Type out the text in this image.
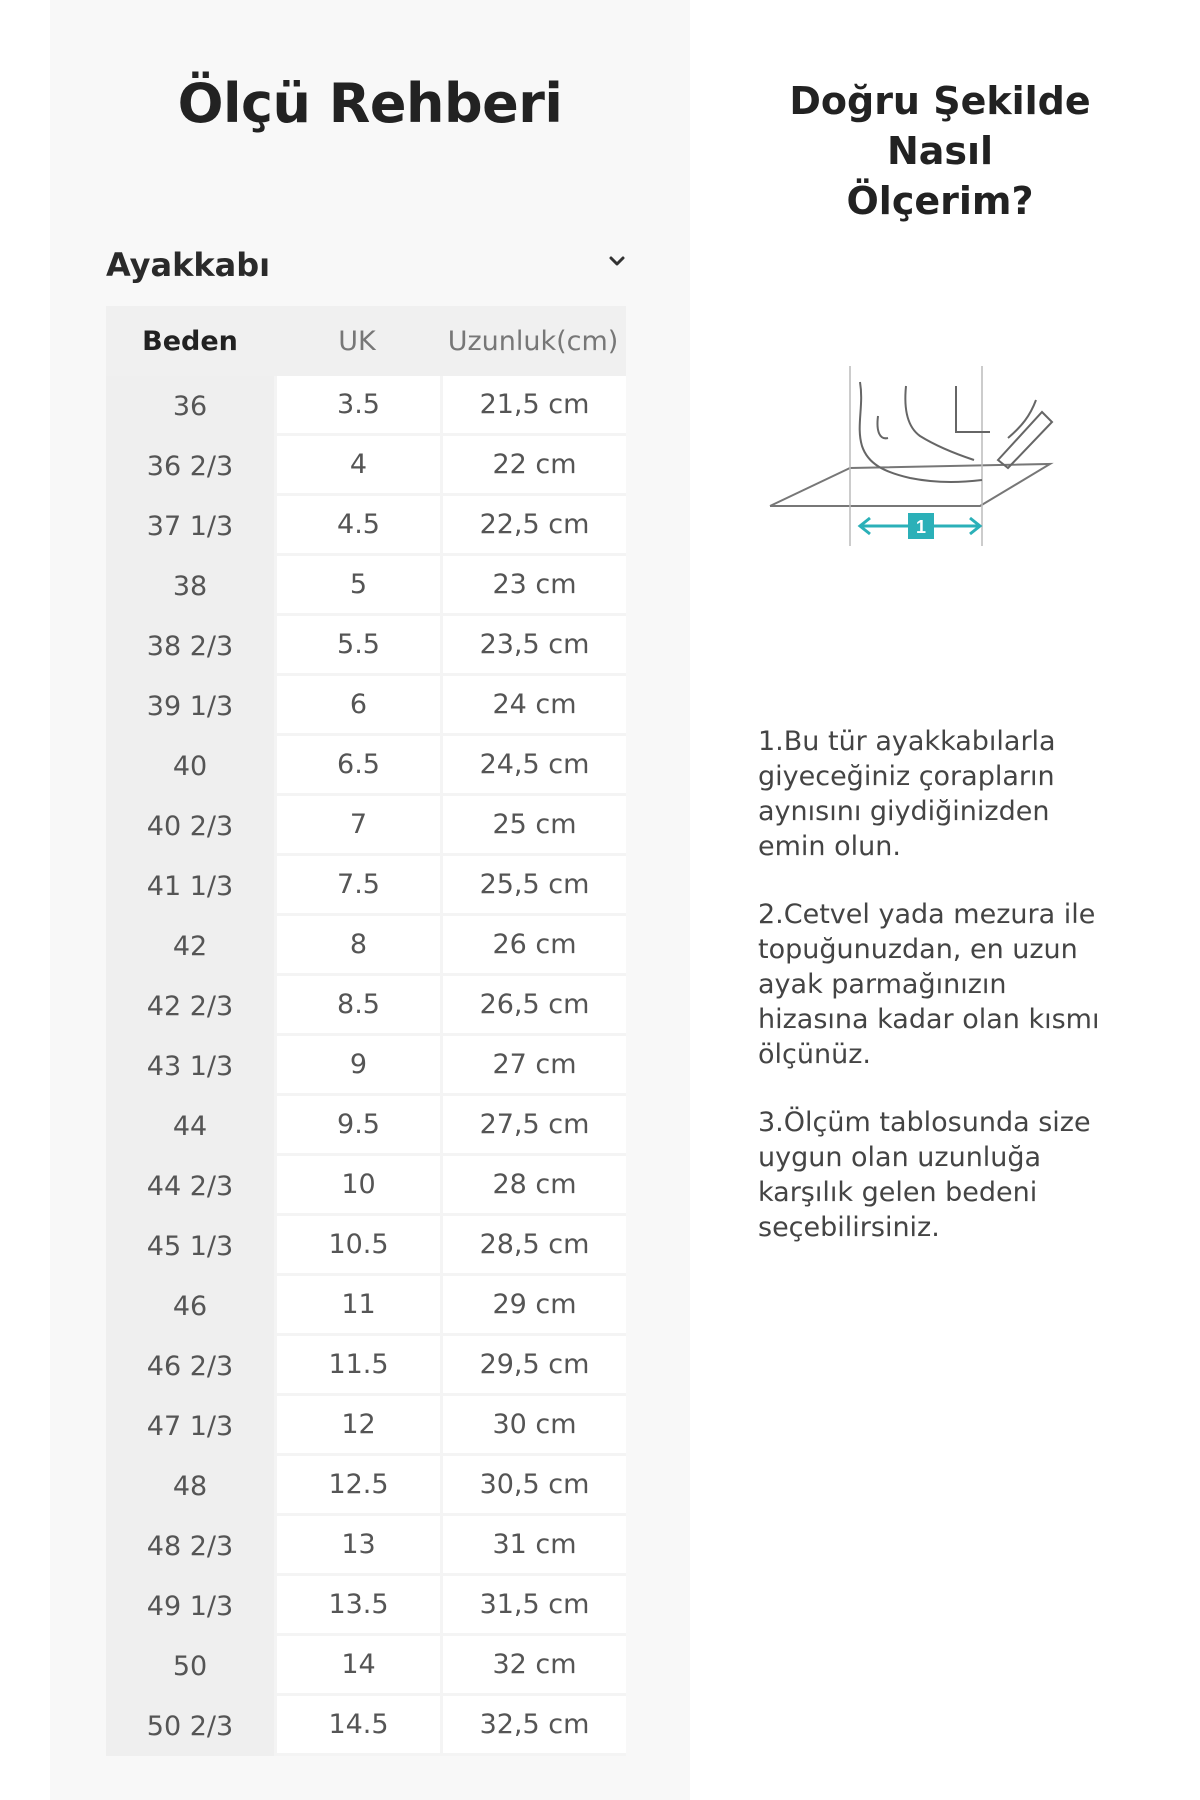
Ölçü Rehberi
Ayakkabı
Beden	UK	Uzunluk(cm)
36	3.5	21,5 cm
36 2/3	4	22 cm
37 1/3	4.5	22,5 cm
38	5	23 cm
38 2/3	5.5	23,5 cm
39 1/3	6	24 cm
40	6.5	24,5 cm
40 2/3	7	25 cm
41 1/3	7.5	25,5 cm
42	8	26 cm
42 2/3	8.5	26,5 cm
43 1/3	9	27 cm
44	9.5	27,5 cm
44 2/3	10	28 cm
45 1/3	10.5	28,5 cm
46	11	29 cm
46 2/3	11.5	29,5 cm
47 1/3	12	30 cm
48	12.5	30,5 cm
48 2/3	13	31 cm
49 1/3	13.5	31,5 cm
50	14	32 cm
50 2/3	14.5	32,5 cm
Doğru Şekilde Nasıl
Ölçerim?
1

1.Bu tür ayakkabılarla
giyeceğiniz çorapların
aynısını giydiğinizden
emin olun.

2.Cetvel yada mezura ile
topuğunuzdan, en uzun
ayak parmağınızın
hizasına kadar olan kısmı
ölçünüz.

3.Ölçüm tablosunda size
uygun olan uzunluğa
karşılık gelen bedeni
seçebilirsiniz.
